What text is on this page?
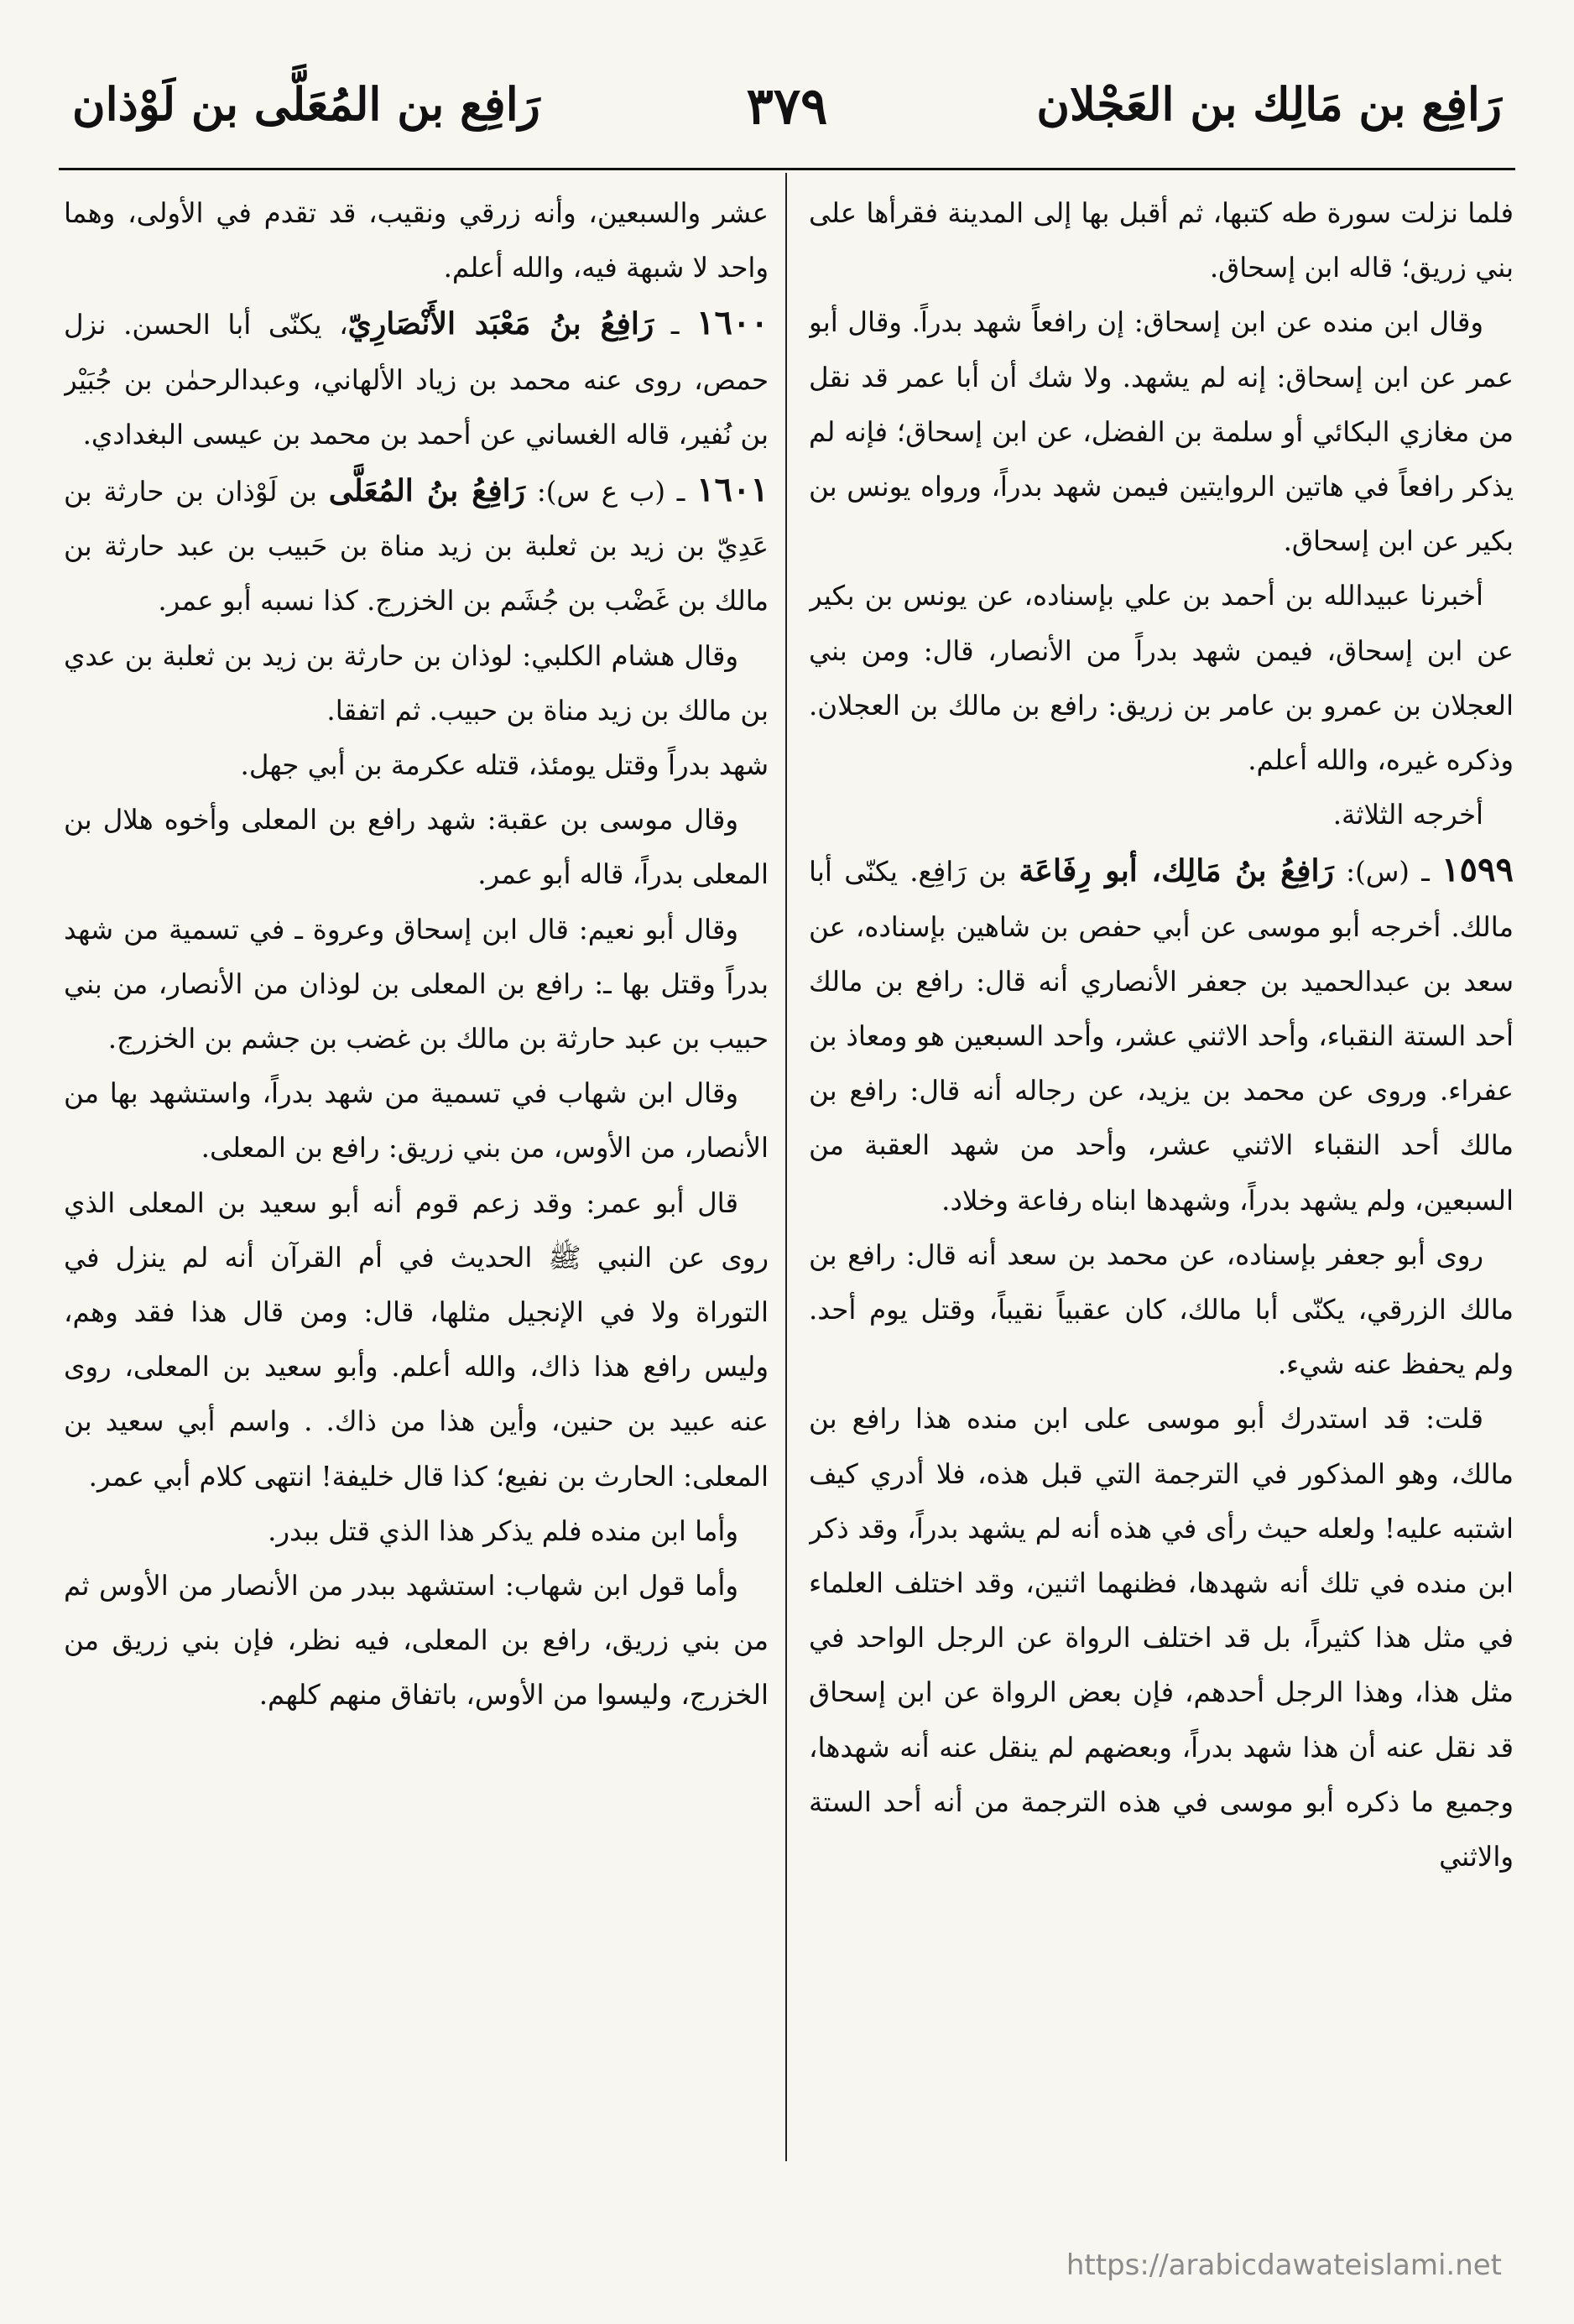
رَافِع بن مَالِك بن العَجْلان
٣٧٩
رَافِع بن المُعَلَّى بن لَوْذان

فلما نزلت سورة طه كتبها، ثم أقبل بها إلى المدينة فقرأها على بني زريق؛ قاله ابن إسحاق.

وقال ابن منده عن ابن إسحاق: إن رافعاً شهد بدراً. وقال أبو عمر عن ابن إسحاق: إنه لم يشهد. ولا شك أن أبا عمر قد نقل من مغازي البكائي أو سلمة بن الفضل، عن ابن إسحاق؛ فإنه لم يذكر رافعاً في هاتين الروايتين فيمن شهد بدراً، ورواه يونس بن بكير عن ابن إسحاق.

أخبرنا عبيدالله بن أحمد بن علي بإسناده، عن يونس بن بكير عن ابن إسحاق، فيمن شهد بدراً من الأنصار، قال: ومن بني العجلان بن عمرو بن عامر بن زريق: رافع بن مالك بن العجلان. وذكره غيره، والله أعلم.

أخرجه الثلاثة.

١٥٩٩ ـ (س): رَافِعُ بنُ مَالِك، أبو رِفَاعَة بن رَافِع. يكنّى أبا مالك. أخرجه أبو موسى عن أبي حفص بن شاهين بإسناده، عن سعد بن عبدالحميد بن جعفر الأنصاري أنه قال: رافع بن مالك أحد الستة النقباء، وأحد الاثني عشر، وأحد السبعين هو ومعاذ بن عفراء. وروى عن محمد بن يزيد، عن رجاله أنه قال: رافع بن مالك أحد النقباء الاثني عشر، وأحد من شهد العقبة من السبعين، ولم يشهد بدراً، وشهدها ابناه رفاعة وخلاد.

روى أبو جعفر بإسناده، عن محمد بن سعد أنه قال: رافع بن مالك الزرقي، يكنّى أبا مالك، كان عقبياً نقيباً، وقتل يوم أحد. ولم يحفظ عنه شيء.

قلت: قد استدرك أبو موسى على ابن منده هذا رافع بن مالك، وهو المذكور في الترجمة التي قبل هذه، فلا أدري كيف اشتبه عليه! ولعله حيث رأى في هذه أنه لم يشهد بدراً، وقد ذكر ابن منده في تلك أنه شهدها، فظنهما اثنين، وقد اختلف العلماء في مثل هذا كثيراً، بل قد اختلف الرواة عن الرجل الواحد في مثل هذا، وهذا الرجل أحدهم، فإن بعض الرواة عن ابن إسحاق قد نقل عنه أن هذا شهد بدراً، وبعضهم لم ينقل عنه أنه شهدها، وجميع ما ذكره أبو موسى في هذه الترجمة من أنه أحد الستة والاثني

عشر والسبعين، وأنه زرقي ونقيب، قد تقدم في الأولى، وهما واحد لا شبهة فيه، والله أعلم.

١٦٠٠ ـ رَافِعُ بنُ مَعْبَد الأَنْصَارِيّ، يكنّى أبا الحسن. نزل حمص، روى عنه محمد بن زياد الألهاني، وعبدالرحمٰن بن جُبَيْر بن نُفير، قاله الغساني عن أحمد بن محمد بن عيسى البغدادي.

١٦٠١ ـ (ب ع س): رَافِعُ بنُ المُعَلَّى بن لَوْذان بن حارثة بن عَدِيّ بن زيد بن ثعلبة بن زيد مناة بن حَبيب بن عبد حارثة بن مالك بن غَضْب بن جُشَم بن الخزرج. كذا نسبه أبو عمر.

وقال هشام الكلبي: لوذان بن حارثة بن زيد بن ثعلبة بن عدي بن مالك بن زيد مناة بن حبيب. ثم اتفقا.

شهد بدراً وقتل يومئذ، قتله عكرمة بن أبي جهل.

وقال موسى بن عقبة: شهد رافع بن المعلى وأخوه هلال بن المعلى بدراً، قاله أبو عمر.

وقال أبو نعيم: قال ابن إسحاق وعروة ـ في تسمية من شهد بدراً وقتل بها ـ: رافع بن المعلى بن لوذان من الأنصار، من بني حبيب بن عبد حارثة بن مالك بن غضب بن جشم بن الخزرج.

وقال ابن شهاب في تسمية من شهد بدراً، واستشهد بها من الأنصار، من الأوس، من بني زريق: رافع بن المعلى.

قال أبو عمر: وقد زعم قوم أنه أبو سعيد بن المعلى الذي روى عن النبي ﷺ الحديث في أم القرآن أنه لم ينزل في التوراة ولا في الإنجيل مثلها، قال: ومن قال هذا فقد وهم، وليس رافع هذا ذاك، والله أعلم. وأبو سعيد بن المعلى، روى عنه عبيد بن حنين، وأين هذا من ذاك. . واسم أبي سعيد بن المعلى: الحارث بن نفيع؛ كذا قال خليفة! انتهى كلام أبي عمر.

وأما ابن منده فلم يذكر هذا الذي قتل ببدر.

وأما قول ابن شهاب: استشهد ببدر من الأنصار من الأوس ثم من بني زريق، رافع بن المعلى، فيه نظر، فإن بني زريق من الخزرج، وليسوا من الأوس، باتفاق منهم كلهم.

https://arabicdawateislami.net
